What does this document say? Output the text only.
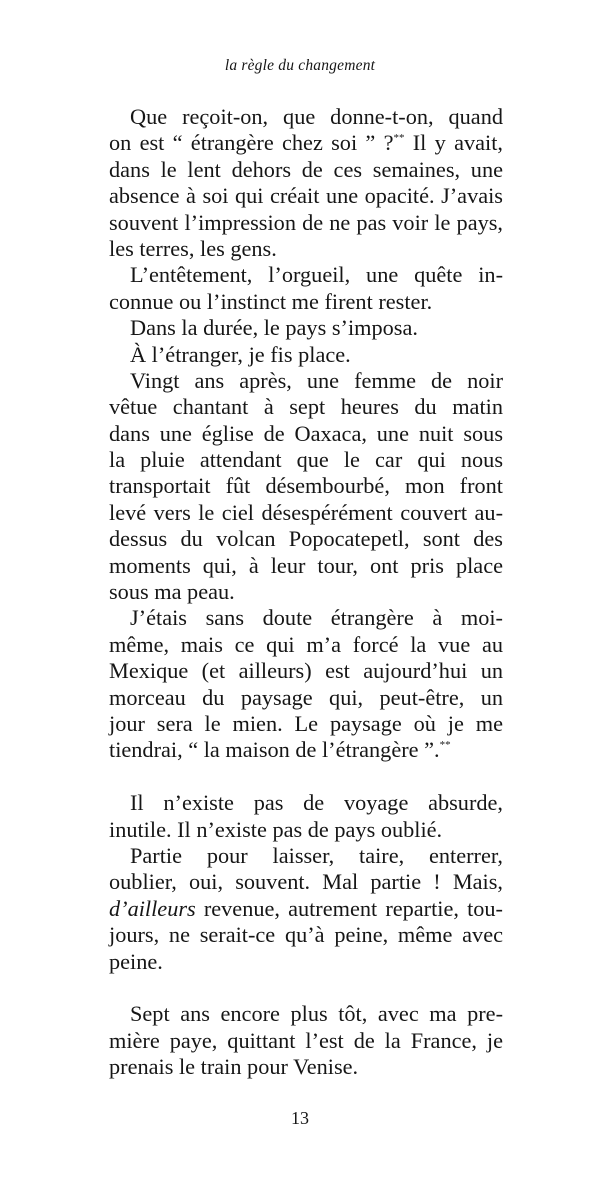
la règle du changement
Que reçoit-on, que donne-t-on, quand
on est “ étrangère chez soi ” ?** Il y avait,
dans le lent dehors de ces semaines, une
absence à soi qui créait une opacité. J’avais
souvent l’impression de ne pas voir le pays,
les terres, les gens.
L’entêtement, l’orgueil, une quête in-
connue ou l’instinct me firent rester.
Dans la durée, le pays s’imposa.
À l’étranger, je fis place.
Vingt ans après, une femme de noir
vêtue chantant à sept heures du matin
dans une église de Oaxaca, une nuit sous
la pluie attendant que le car qui nous
transportait fût désembourbé, mon front
levé vers le ciel désespérément couvert au-
dessus du volcan Popocatepetl, sont des
moments qui, à leur tour, ont pris place
sous ma peau.
J’étais sans doute étrangère à moi-
même, mais ce qui m’a forcé la vue au
Mexique (et ailleurs) est aujourd’hui un
morceau du paysage qui, peut-être, un
jour sera le mien. Le paysage où je me
tiendrai, “ la maison de l’étrangère ”.**
Il n’existe pas de voyage absurde,
inutile. Il n’existe pas de pays oublié.
Partie pour laisser, taire, enterrer,
oublier, oui, souvent. Mal partie ! Mais,
d’ailleurs revenue, autrement repartie, tou-
jours, ne serait-ce qu’à peine, même avec
peine.
Sept ans encore plus tôt, avec ma pre-
mière paye, quittant l’est de la France, je
prenais le train pour Venise.
13
